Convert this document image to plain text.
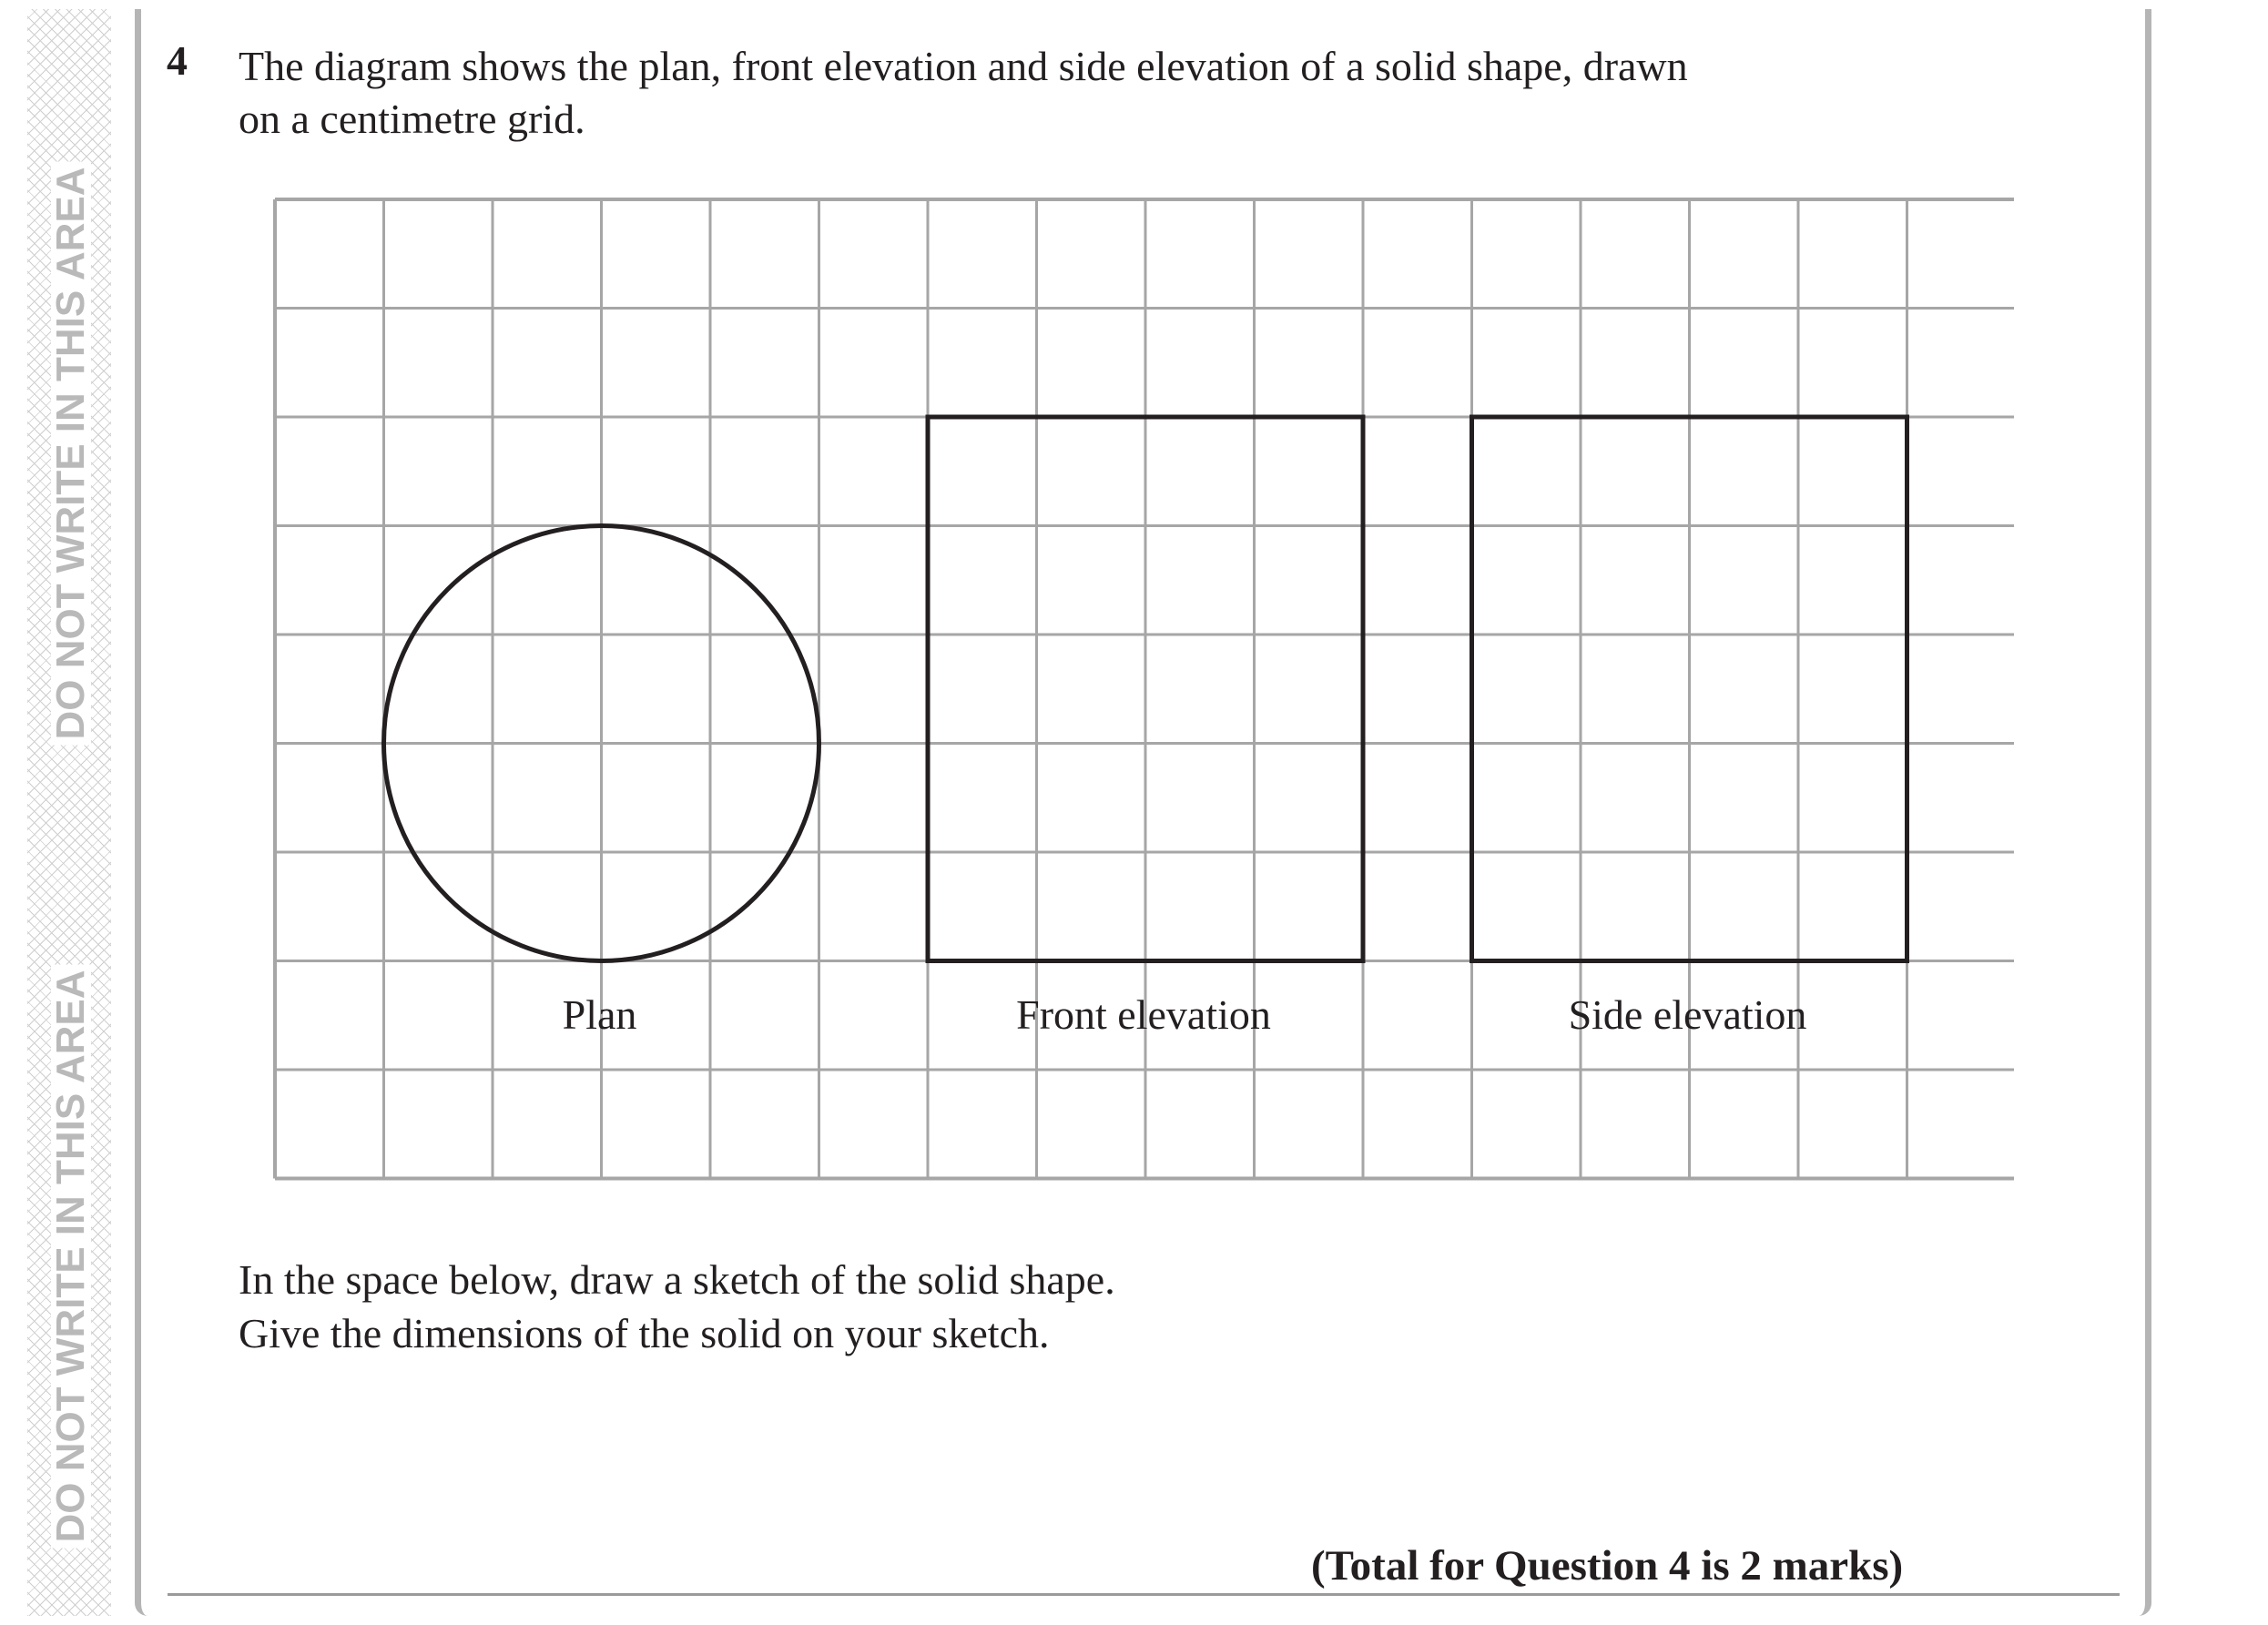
DO NOT WRITE IN THIS AREA
DO NOT WRITE IN THIS AREA
4 The diagram shows the plan, front elevation and side elevation of a solid shape, drawn
on a centimetre grid.
Plan	Front elevation	Side elevation
In the space below, draw a sketch of the solid shape.
Give the dimensions of the solid on your sketch.
(Total for Question 4 is 2 marks)
